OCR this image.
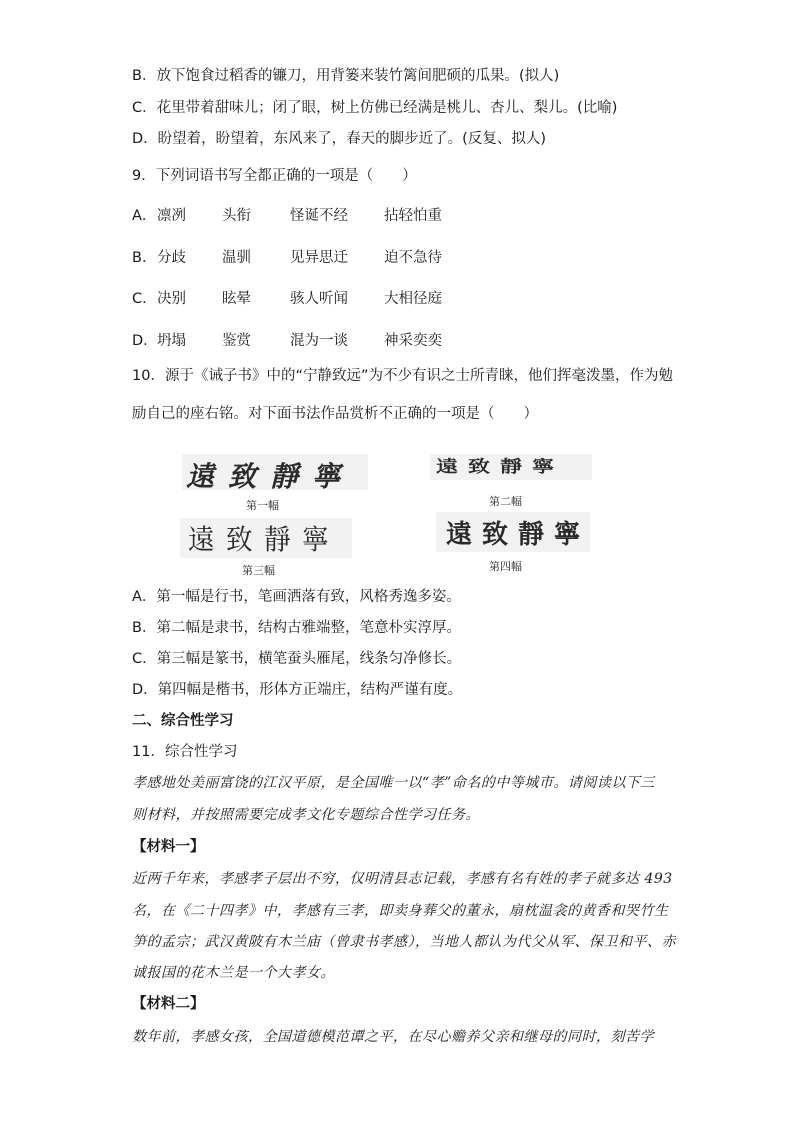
B．放下饱食过稻香的镰刀，用背篓来装竹篱间肥硕的瓜果。(拟人)
C．花里带着甜味儿；闭了眼，树上仿佛已经满是桃儿、杏儿、梨儿。(比喻)
D．盼望着，盼望着，东风来了，春天的脚步近了。(反复、拟人)
9．下列词语书写全都正确的一项是（　　）
A． 凛冽 头衔	怪诞不经 拈轻怕重
B． 分歧 温驯	见异思迁 迫不急待
C． 决别 眩晕	骇人听闻 大相径庭
D． 坍塌 鉴赏	混为一谈 神采奕奕
10．源于《诫子书》中的“宁静致远”为不少有识之士所青睐，他们挥毫泼墨，作为勉
励自己的座右铭。对下面书法作品赏析不正确的一项是（　　）
遠致靜寧
第一幅
遠致靜寧
第二幅
遠致靜寧
第三幅
遠致靜寧
第四幅
A．第一幅是行书，笔画洒落有致，风格秀逸多姿。
B．第二幅是隶书，结构古雅端整，笔意朴实淳厚。
C．第三幅是篆书，横笔蚕头雁尾，线条匀净修长。
D．第四幅是楷书，形体方正端庄，结构严谨有度。
二、综合性学习
11．综合性学习
孝感地处美丽富饶的江汉平原，是全国唯一以“孝”命名的中等城市。请阅读以下三
则材料，并按照需要完成孝文化专题综合性学习任务。
【材料一】
近两千年来，孝感孝子层出不穷，仅明清县志记载，孝感有名有姓的孝子就多达 493
名，在《二十四孝》中，孝感有三孝，即卖身葬父的董永，扇枕温衾的黄香和哭竹生
笋的孟宗；武汉黄陂有木兰庙（曾隶书孝感），当地人都认为代父从军、保卫和平、赤
诚报国的花木兰是一个大孝女。
【材料二】
数年前，孝感女孩，全国道德模范谭之平，在尽心赡养父亲和继母的同时，刻苦学
